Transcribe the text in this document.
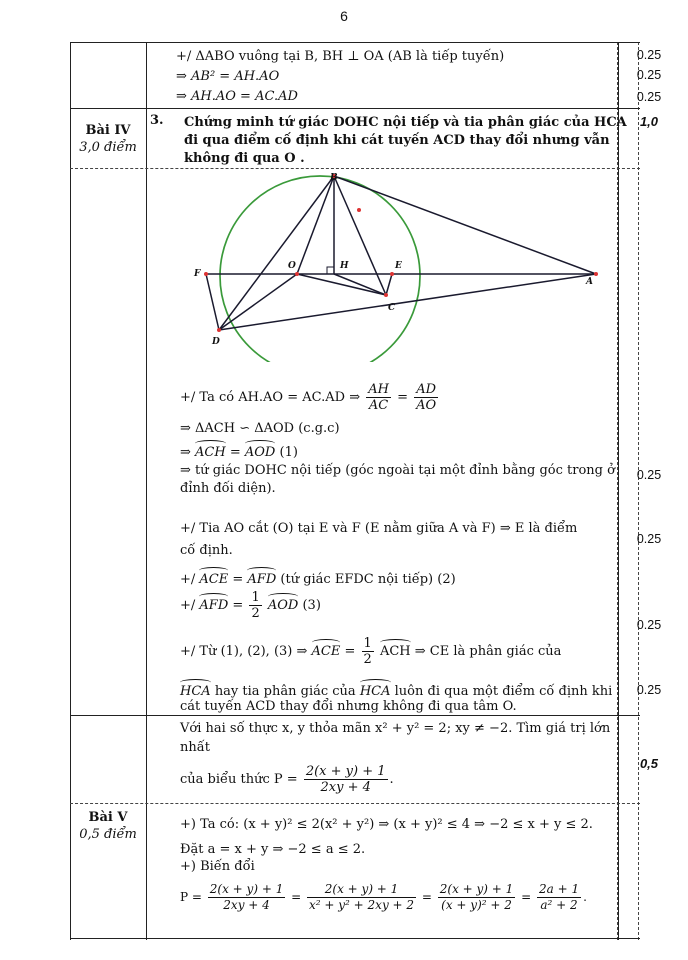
6
+/ ΔABO vuông tại B, BH ⊥ OA (AB là tiếp tuyến)
⇒ AB² = AH.AO
⇒ AH.AO = AC.AD
0.25
0.25
0.25
Bài IV
3,0 điểm
3. Chứng minh tứ giác DOHC nội tiếp và tia phân giác của HCA
đi qua điểm cố định khi cát tuyến ACD thay đổi nhưng vẫn
không đi qua O .
1,0
B
O	H	E
F
A
C
D
+/ Ta có AH.AO = AC.AD ⇒ $\frac{AH}{AC} = \frac{AD}{AO}$
⇒ ΔACH ∽ ΔAOD (c.g.c)
⇒ ACH = AOD (1)
⇒ tứ giác DOHC nội tiếp (góc ngoài tại một đỉnh bằng góc trong ở
đỉnh đối diện).
0.25
+/ Tia AO cắt (O) tại E và F (E nằm giữa A và F) ⇒ E là điểm
cố định.
0.25
+/ ACE = AFD (tứ giác EFDC nội tiếp) (2)
+/ AFD = $\frac{1}{2}$ AOD (3)
0.25
+/ Từ (1), (2), (3) ⇒ ACE = $\frac{1}{2}$ ACH ⇒ CE là phân giác của
HCA hay tia phân giác của HCA luôn đi qua một điểm cố định khi
cát tuyến ACD thay đổi nhưng không đi qua tâm O.
0.25
Với hai số thực x, y thỏa mãn x² + y² = 2; xy ≠ −2. Tìm giá trị lớn
nhất
của biểu thức $P = \frac{2(x + y) + 1}{2xy + 4}$ .
0,5
Bài V
0,5 điểm
+) Ta có: (x + y)² ≤ 2(x² + y²) ⇒ (x + y)² ≤ 4 ⇒ −2 ≤ x + y ≤ 2.
Đặt a = x + y ⇒ −2 ≤ a ≤ 2.
+) Biến đổi
$P = \frac{2(x + y) + 1}{2xy + 4} = \frac{2(x + y) + 1}{\text{x² + y² + 2xy + 2}} = \frac{2(x + y) + 1}{\text{(x + y)² + 2}} = \frac{2a + 1}{\text{a² + 2}}$ .
